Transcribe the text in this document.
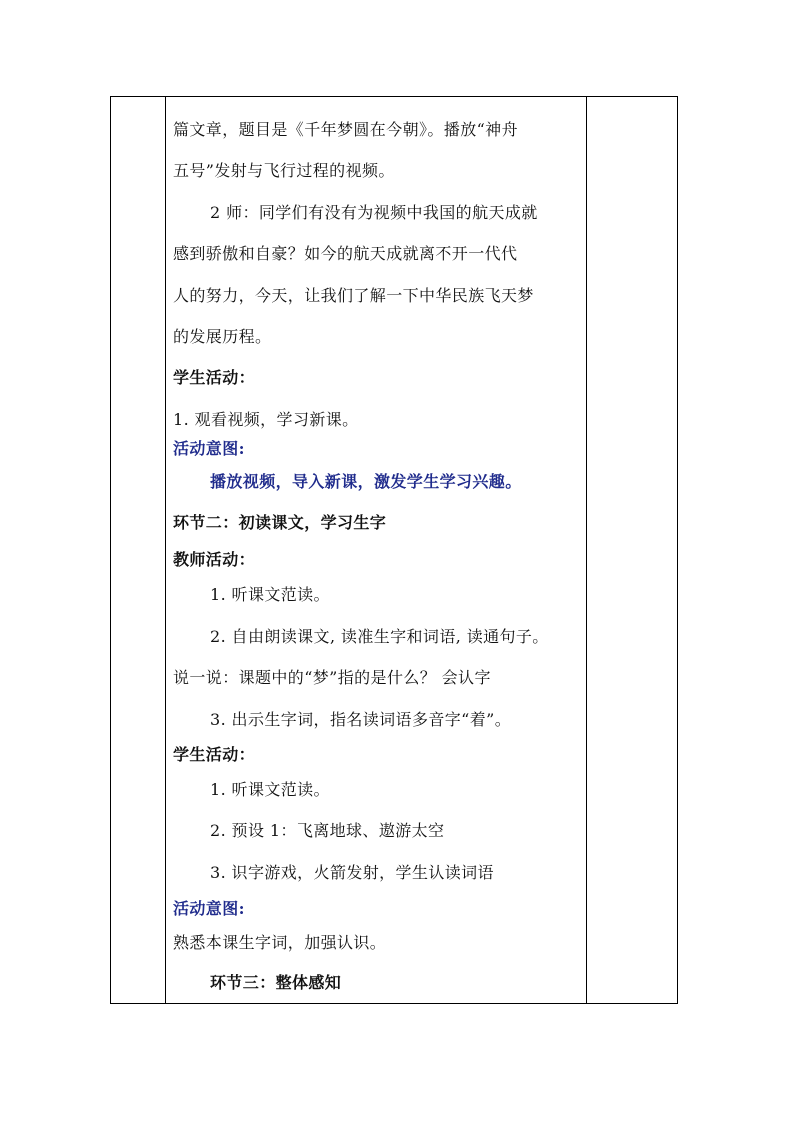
篇文章，题目是《千年梦圆在今朝》。播放“神舟
五号”发射与飞行过程的视频。
2 师：同学们有没有为视频中我国的航天成就
感到骄傲和自豪？如今的航天成就离不开一代代
人的努力，今天，让我们了解一下中华民族飞天梦
的发展历程。
学生活动：
1. 观看视频，学习新课。
活动意图:
播放视频，导入新课，激发学生学习兴趣。
环节二：初读课文，学习生字
教师活动：
1. 听课文范读。
2. 自由朗读课文, 读准生字和词语, 读通句子。
说一说：课题中的“梦”指的是什么？ 会认字
3. 出示生字词，指名读词语多音字“着”。
学生活动：
1. 听课文范读。
2. 预设 1：飞离地球、遨游太空
3. 识字游戏，火箭发射，学生认读词语
活动意图:
熟悉本课生字词，加强认识。
环节三：整体感知
